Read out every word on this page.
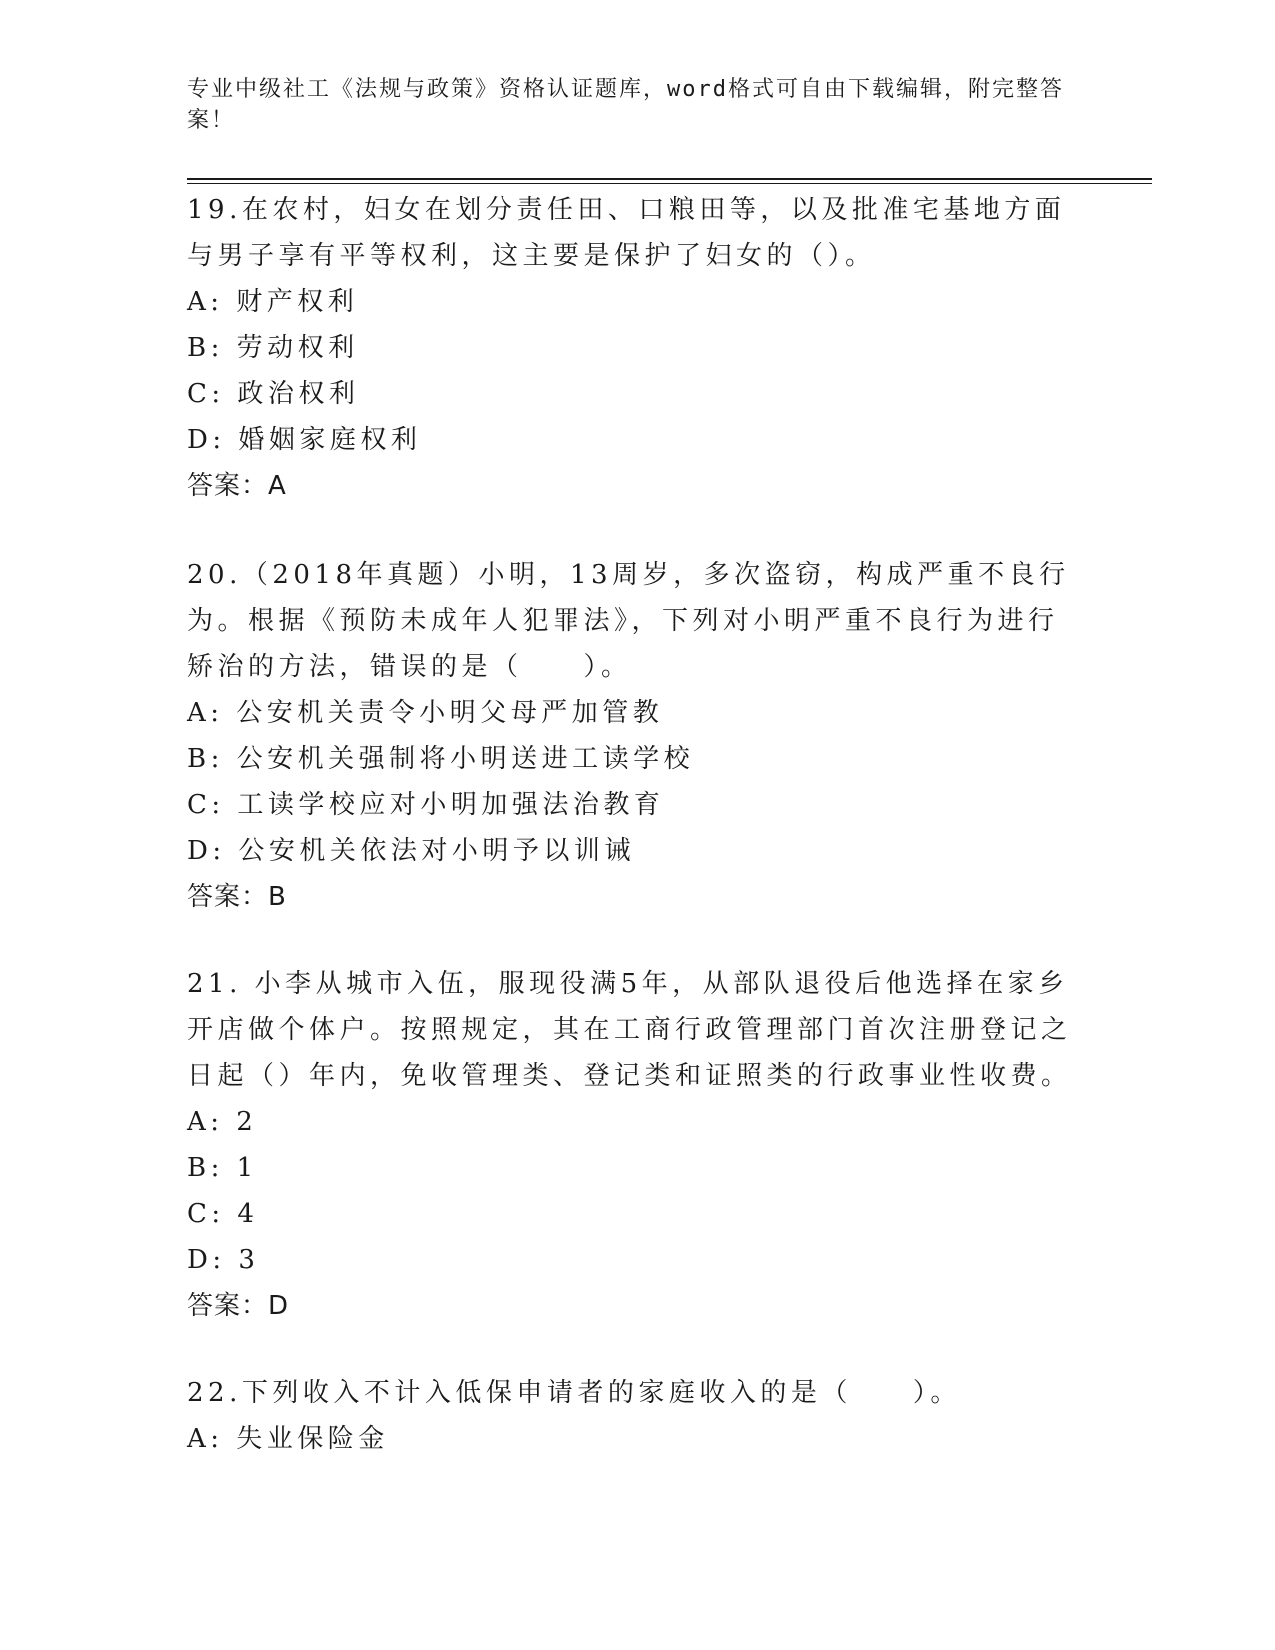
专业中级社工《法规与政策》资格认证题库，word格式可自由下载编辑，附完整答案！

19.在农村，妇女在划分责任田、口粮田等，以及批准宅基地方面与男子享有平等权利，这主要是保护了妇女的（）。

A: 财产权利

B: 劳动权利

C: 政治权利

D: 婚姻家庭权利

答案：A

20.（2018年真题）小明，13周岁，多次盗窃，构成严重不良行为。根据《预防未成年人犯罪法》，下列对小明严重不良行为进行矫治的方法，错误的是（　　）。

A: 公安机关责令小明父母严加管教

B: 公安机关强制将小明送进工读学校

C: 工读学校应对小明加强法治教育

D: 公安机关依法对小明予以训诫

答案：B

21. 小李从城市入伍，服现役满5年，从部队退役后他选择在家乡开店做个体户。按照规定，其在工商行政管理部门首次注册登记之日起（）年内，免收管理类、登记类和证照类的行政事业性收费。

A: 2

B: 1

C: 4

D: 3

答案：D

22.下列收入不计入低保申请者的家庭收入的是（　　）。

A: 失业保险金
